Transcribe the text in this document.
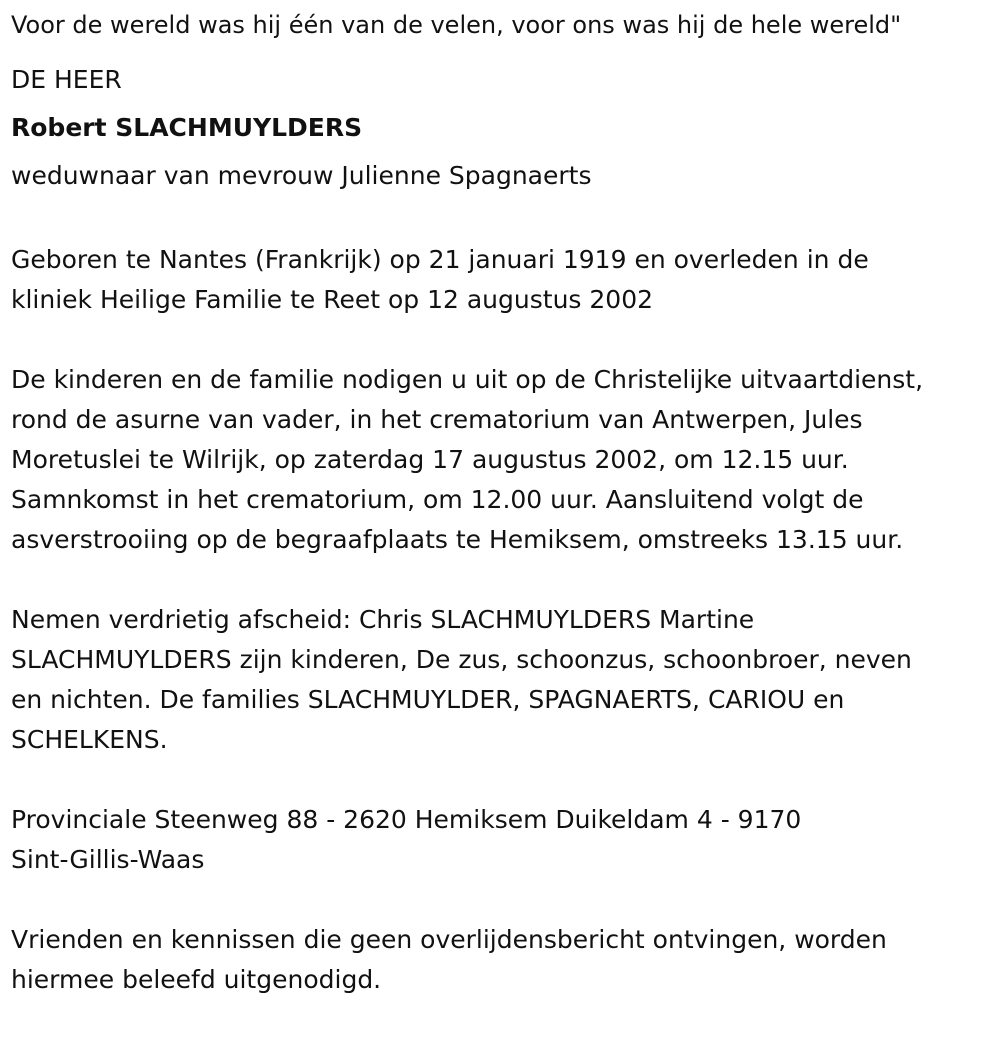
Voor de wereld was hij één van de velen, voor ons was hij de hele wereld"

DE HEER

Robert SLACHMUYLDERS

weduwnaar van mevrouw Julienne Spagnaerts

Geboren te Nantes (Frankrijk) op 21 januari 1919 en overleden in de

kliniek Heilige Familie te Reet op 12 augustus 2002

De kinderen en de familie nodigen u uit op de Christelijke uitvaartdienst,

rond de asurne van vader, in het crematorium van Antwerpen, Jules

Moretuslei te Wilrijk, op zaterdag 17 augustus 2002, om 12.15 uur.

Samnkomst in het crematorium, om 12.00 uur. Aansluitend volgt de

asverstrooiing op de begraafplaats te Hemiksem, omstreeks 13.15 uur.

Nemen verdrietig afscheid: Chris SLACHMUYLDERS Martine

SLACHMUYLDERS zijn kinderen, De zus, schoonzus, schoonbroer, neven

en nichten. De families SLACHMUYLDER, SPAGNAERTS, CARIOU en

SCHELKENS.

Provinciale Steenweg 88 - 2620 Hemiksem Duikeldam 4 - 9170

Sint-Gillis-Waas

Vrienden en kennissen die geen overlijdensbericht ontvingen, worden

hiermee beleefd uitgenodigd.
